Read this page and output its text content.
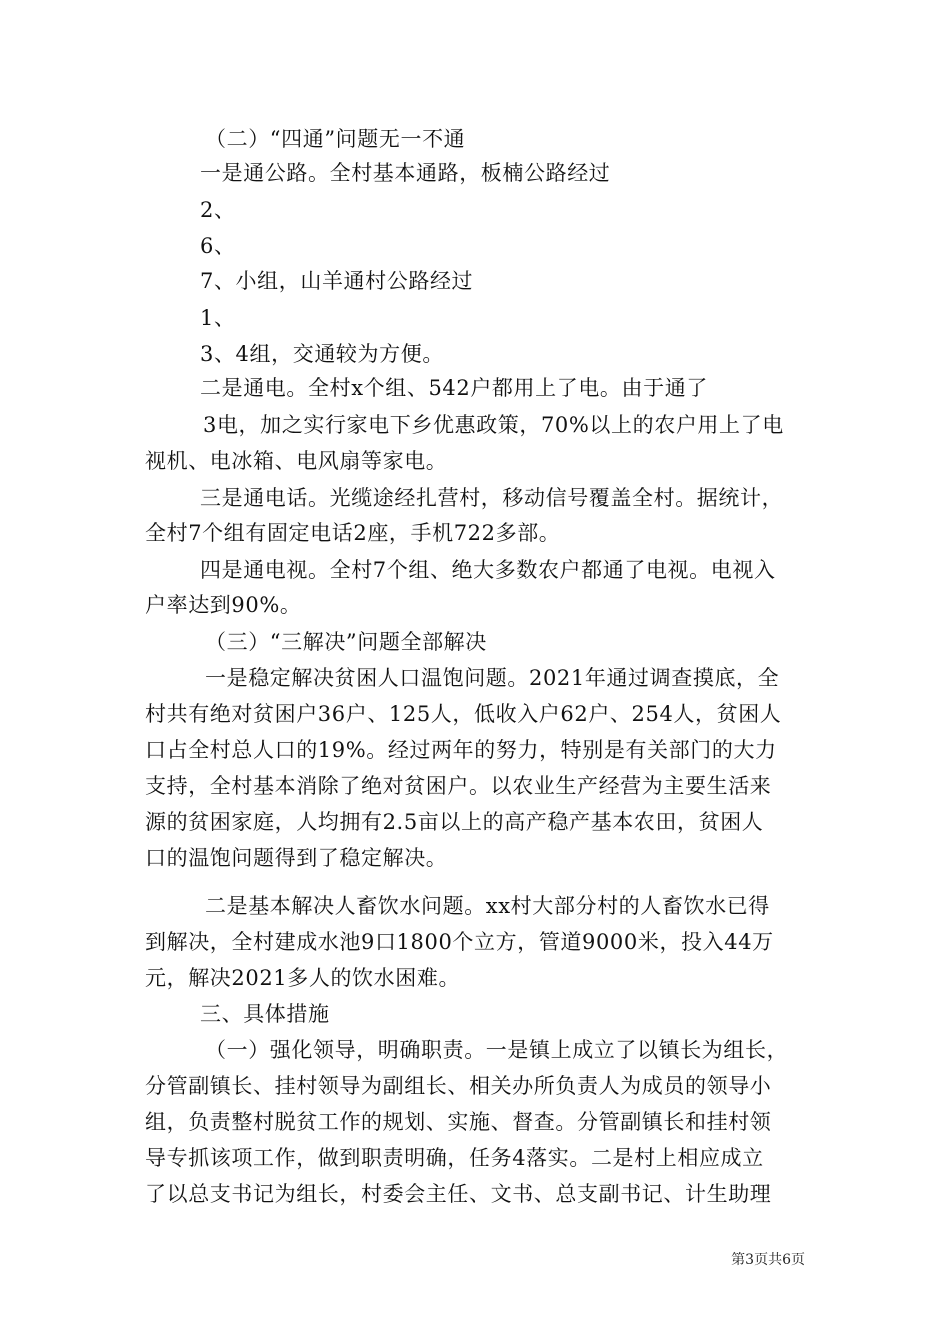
（二）“四通”问题无一不通
一是通公路。全村基本通路，板楠公路经过
2、
6、
7、小组，山羊通村公路经过
1、
3、4组，交通较为方便。
二是通电。全村x个组、542户都用上了电。由于通了
3电，加之实行家电下乡优惠政策，70%以上的农户用上了电
视机、电冰箱、电风扇等家电。
三是通电话。光缆途经扎营村，移动信号覆盖全村。据统计，
全村7个组有固定电话2座，手机722多部。
四是通电视。全村7个组、绝大多数农户都通了电视。电视入
户率达到90%。
（三）“三解决”问题全部解决
一是稳定解决贫困人口温饱问题。2021年通过调查摸底，全
村共有绝对贫困户36户、125人，低收入户62户、254人，贫困人
口占全村总人口的19%。经过两年的努力，特别是有关部门的大力
支持，全村基本消除了绝对贫困户。以农业生产经营为主要生活来
源的贫困家庭，人均拥有2.5亩以上的高产稳产基本农田，贫困人
口的温饱问题得到了稳定解决。
二是基本解决人畜饮水问题。xx村大部分村的人畜饮水已得
到解决，全村建成水池9口1800个立方，管道9000米，投入44万
元，解决2021多人的饮水困难。
三、具体措施
（一）强化领导，明确职责。一是镇上成立了以镇长为组长，
分管副镇长、挂村领导为副组长、相关办所负责人为成员的领导小
组，负责整村脱贫工作的规划、实施、督查。分管副镇长和挂村领
导专抓该项工作，做到职责明确，任务4落实。二是村上相应成立
了以总支书记为组长，村委会主任、文书、总支副书记、计生助理
第3页共6页
